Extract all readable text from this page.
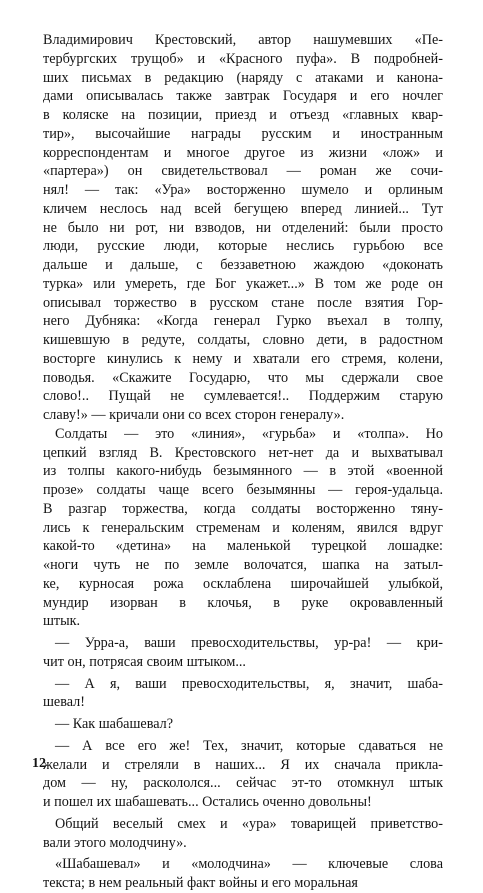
Владимирович Крестовский, автор нашумевших «Пе-
тербургских трущоб» и «Красного пуфа». В подробней-
ших письмах в редакцию (наряду с атаками и канона-
дами описывалась также завтрак Государя и его ночлег
в коляске на позиции, приезд и отъезд «главных квар-
тир», высочайшие награды русским и иностранным
корреспондентам и многое другое из жизни «лож» и
«партера») он свидетельствовал — роман же сочи-
нял! — так: «Ура» восторженно шумело и орлиным
кличем неслось над всей бегущею вперед линией... Тут
не было ни рот, ни взводов, ни отделений: были просто
люди, русские люди, которые неслись гурьбою все
дальше и дальше, с беззаветною жаждою «доконать
турка» или умереть, где Бог укажет...» В том же роде он
описывал торжество в русском стане после взятия Гор-
него Дубняка: «Когда генерал Гурко въехал в толпу,
кишевшую в редуте, солдаты, словно дети, в радостном
восторге кинулись к нему и хватали его стремя, колени,
поводья. «Скажите Государю, что мы сдержали свое
слово!.. Пущай не сумлевается!.. Поддержим старую
славу!» — кричали они со всех сторон генералу».
Солдаты — это «линия», «гурьба» и «толпа». Но
цепкий взгляд В. Крестовского нет-нет да и выхватывал
из толпы какого-нибудь безымянного — в этой «военной
прозе» солдаты чаще всего безымянны — героя-удальца.
В разгар торжества, когда солдаты восторженно тяну-
лись к генеральским стременам и коленям, явился вдруг
какой-то «детина» на маленькой турецкой лошадке:
«ноги чуть не по земле волочатся, шапка на затыл-
ке, курносая рожа осклаблена широчайшей улыбкой,
мундир изорван в клочья, в руке окровавленный
штык.
— Урра-а, ваши превосходительствы, ур-ра! — кри-
чит он, потрясая своим штыком...
— А я, ваши превосходительствы, я, значит, шаба-
шевал!
— Как шабашевал?
— А все его же! Тех, значит, которые сдаваться не
желали и стреляли в наших... Я их сначала прикла-
дом — ну, раскололся... сейчас эт-то отомкнул штык
и пошел их шабашевать... Остались оченно довольны!
Общий веселый смех и «ура» товарищей приветство-
вали этого молодчину».
«Шабашевал» и «молодчина» — ключевые слова
текста; в нем реальный факт войны и его моральная
12
